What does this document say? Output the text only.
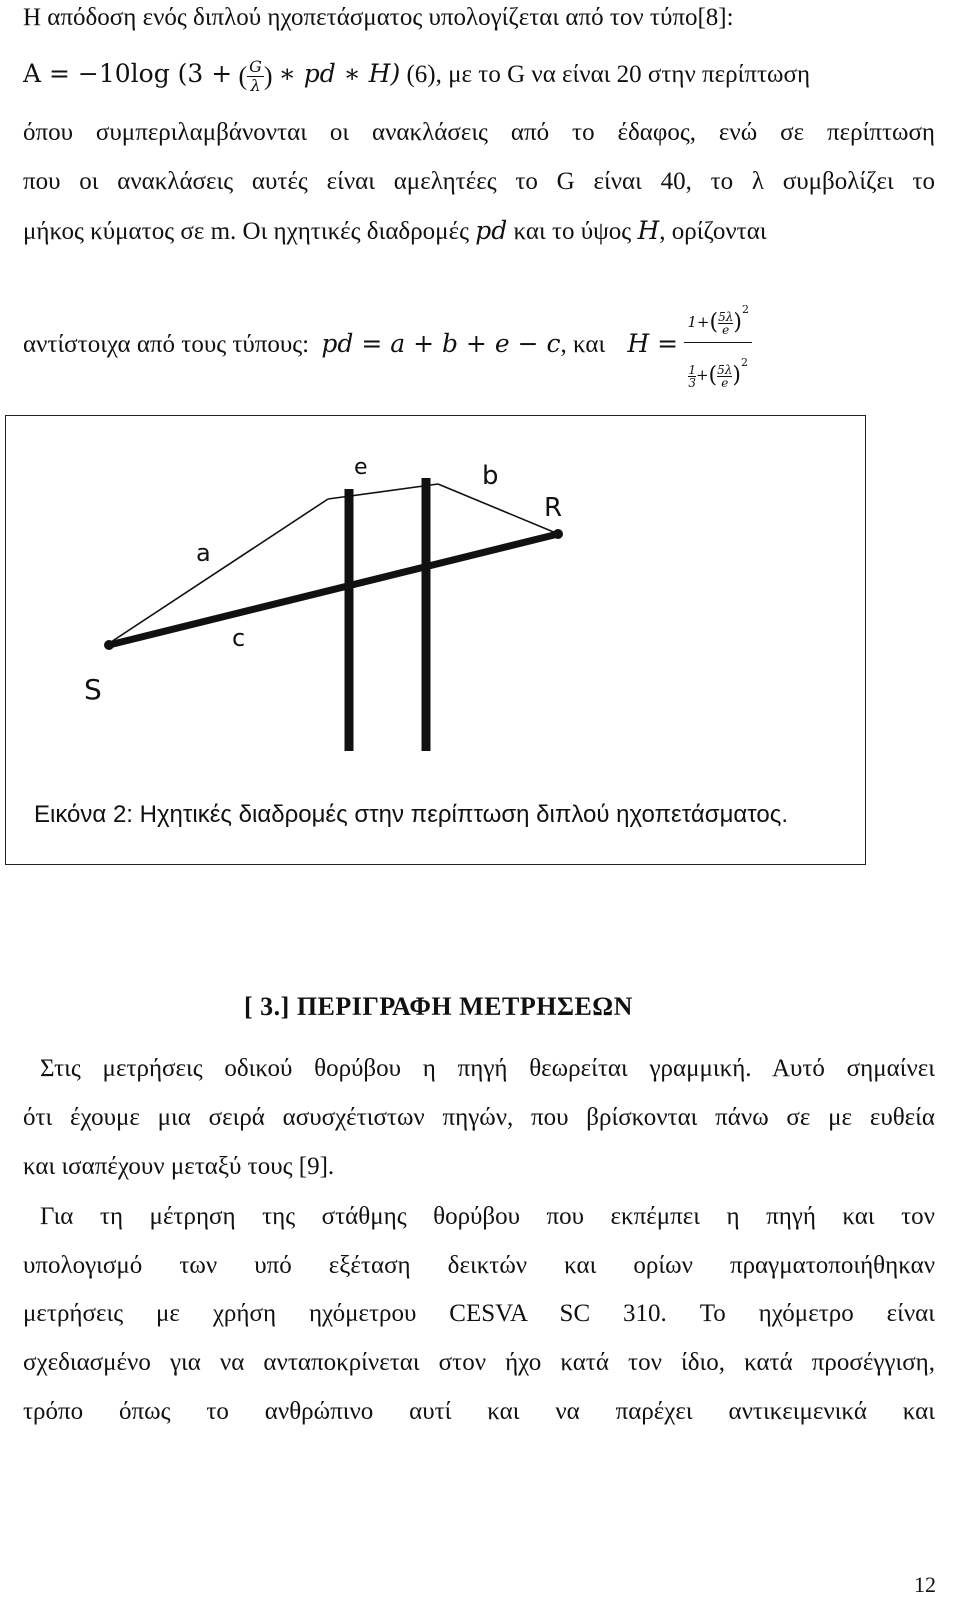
Η απόδοση ενός διπλού ηχοπετάσματος υπολογίζεται από τον τύπο[8]:
A = −10log (3 + ( $\frac{G}{\lambda}$ ) ∗ pd ∗ H) (6), με το G να είναι 20 στην περίπτωση
όπου συμπεριλαμβάνονται οι ανακλάσεις από το έδαφος, ενώ σε περίπτωση
που οι ανακλάσεις αυτές είναι αμελητέες το G είναι 40, το λ συμβολίζει το
μήκος κύματος σε m. Οι ηχητικές διαδρομές pd και το ύψος H, ορίζονται
αντίστοιχα από τους τύπους: pd = a + b + e − c, και $H = \frac{1+( \frac{5\lambda}{e} )^2}{\frac{1}{3} +( \frac{5\lambda}{e} )^2}$
e	b
R
a
c
S
Εικόνα 2: Ηχητικές διαδρομές στην περίπτωση διπλού ηχοπετάσματος.
[ 3.] ΠΕΡΙΓΡΑΦΗ ΜΕΤΡΗΣΕΩΝ
Στις μετρήσεις οδικού θορύβου η πηγή θεωρείται γραμμική. Αυτό σημαίνει
ότι έχουμε μια σειρά ασυσχέτιστων πηγών, που βρίσκονται πάνω σε με ευθεία
και ισαπέχουν μεταξύ τους [9].
Για τη μέτρηση της στάθμης θορύβου που εκπέμπει η πηγή και τον
υπολογισμό των υπό εξέταση δεικτών και ορίων πραγματοποιήθηκαν
μετρήσεις με χρήση ηχόμετρου CESVA SC 310. Το ηχόμετρο είναι
σχεδιασμένο για να ανταποκρίνεται στον ήχο κατά τον ίδιο, κατά προσέγγιση,
τρόπο όπως το ανθρώπινο αυτί και να παρέχει αντικειμενικά και
12
